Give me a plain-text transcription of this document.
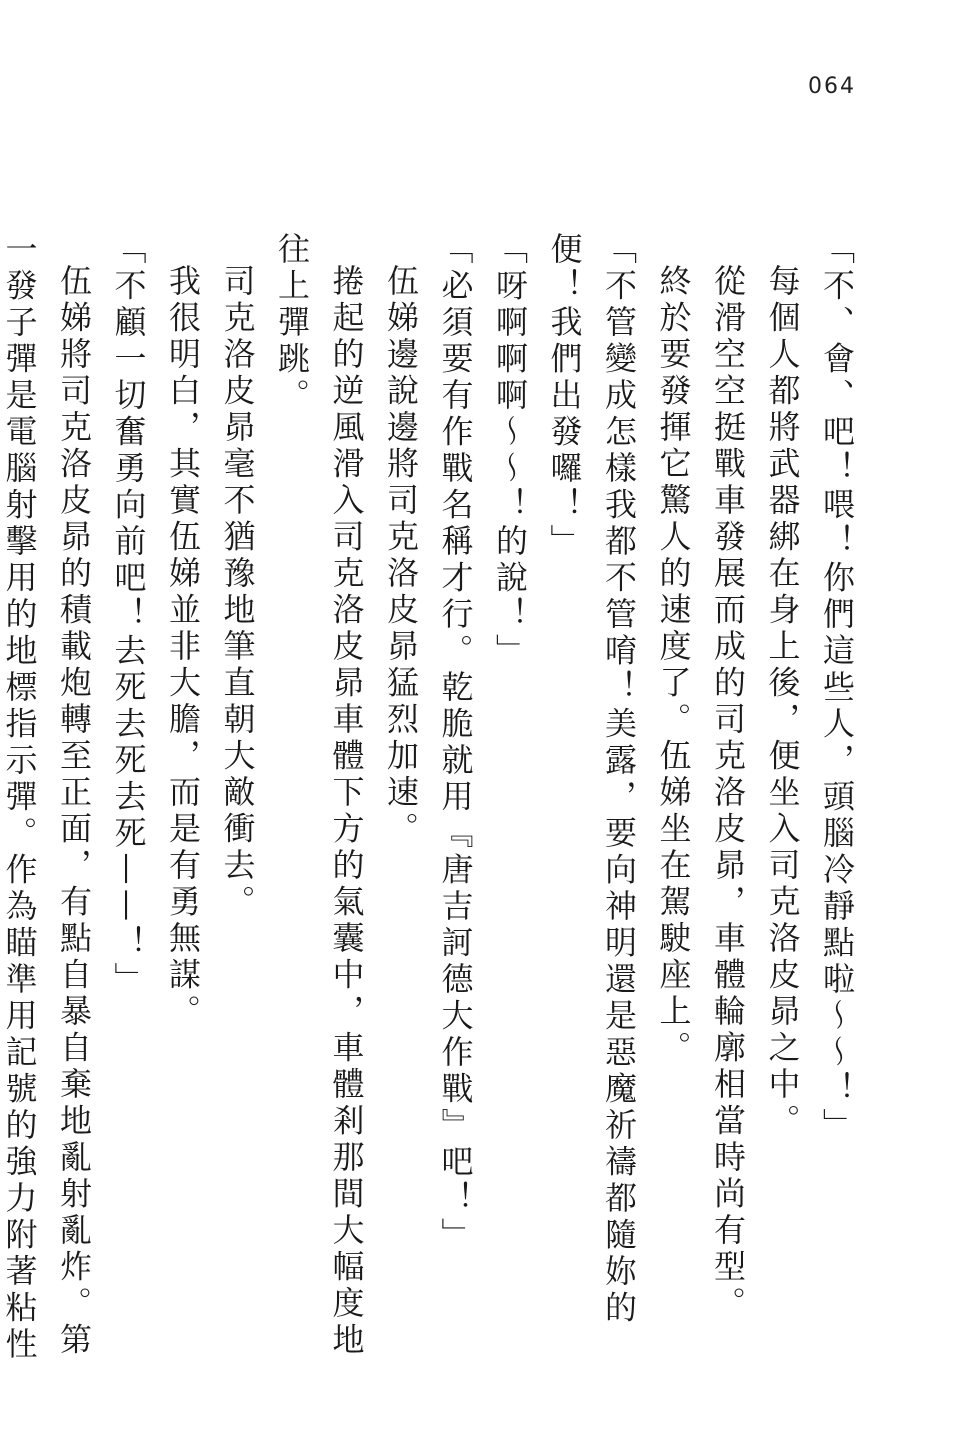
064

「不、會、吧！喂！你們這些人，頭腦冷靜點啦～～！」

每個人都將武器綁在身上後，便坐入司克洛皮昴之中。

從滑空空挺戰車發展而成的司克洛皮昴，車體輪廓相當時尚有型。

終於要發揮它驚人的速度了。伍娣坐在駕駛座上。

「不管變成怎樣我都不管唷！美露，要向神明還是惡魔祈禱都隨妳的便！我們出發囉！」

「呀啊啊啊～～！的說！」

「必須要有作戰名稱才行。乾脆就用『唐吉訶德大作戰』吧！」

伍娣邊說邊將司克洛皮昴猛烈加速。

捲起的逆風滑入司克洛皮昴車體下方的氣囊中，車體剎那間大幅度地往上彈跳。

司克洛皮昴毫不猶豫地筆直朝大敵衝去。

我很明白，其實伍娣並非大膽，而是有勇無謀。

「不顧一切奮勇向前吧！去死去死去死——！」

伍娣將司克洛皮昴的積載炮轉至正面，有點自暴自棄地亂射亂炸。第一發子彈是電腦射擊用的地標指示彈。作為瞄準用記號的強力附著粘性
